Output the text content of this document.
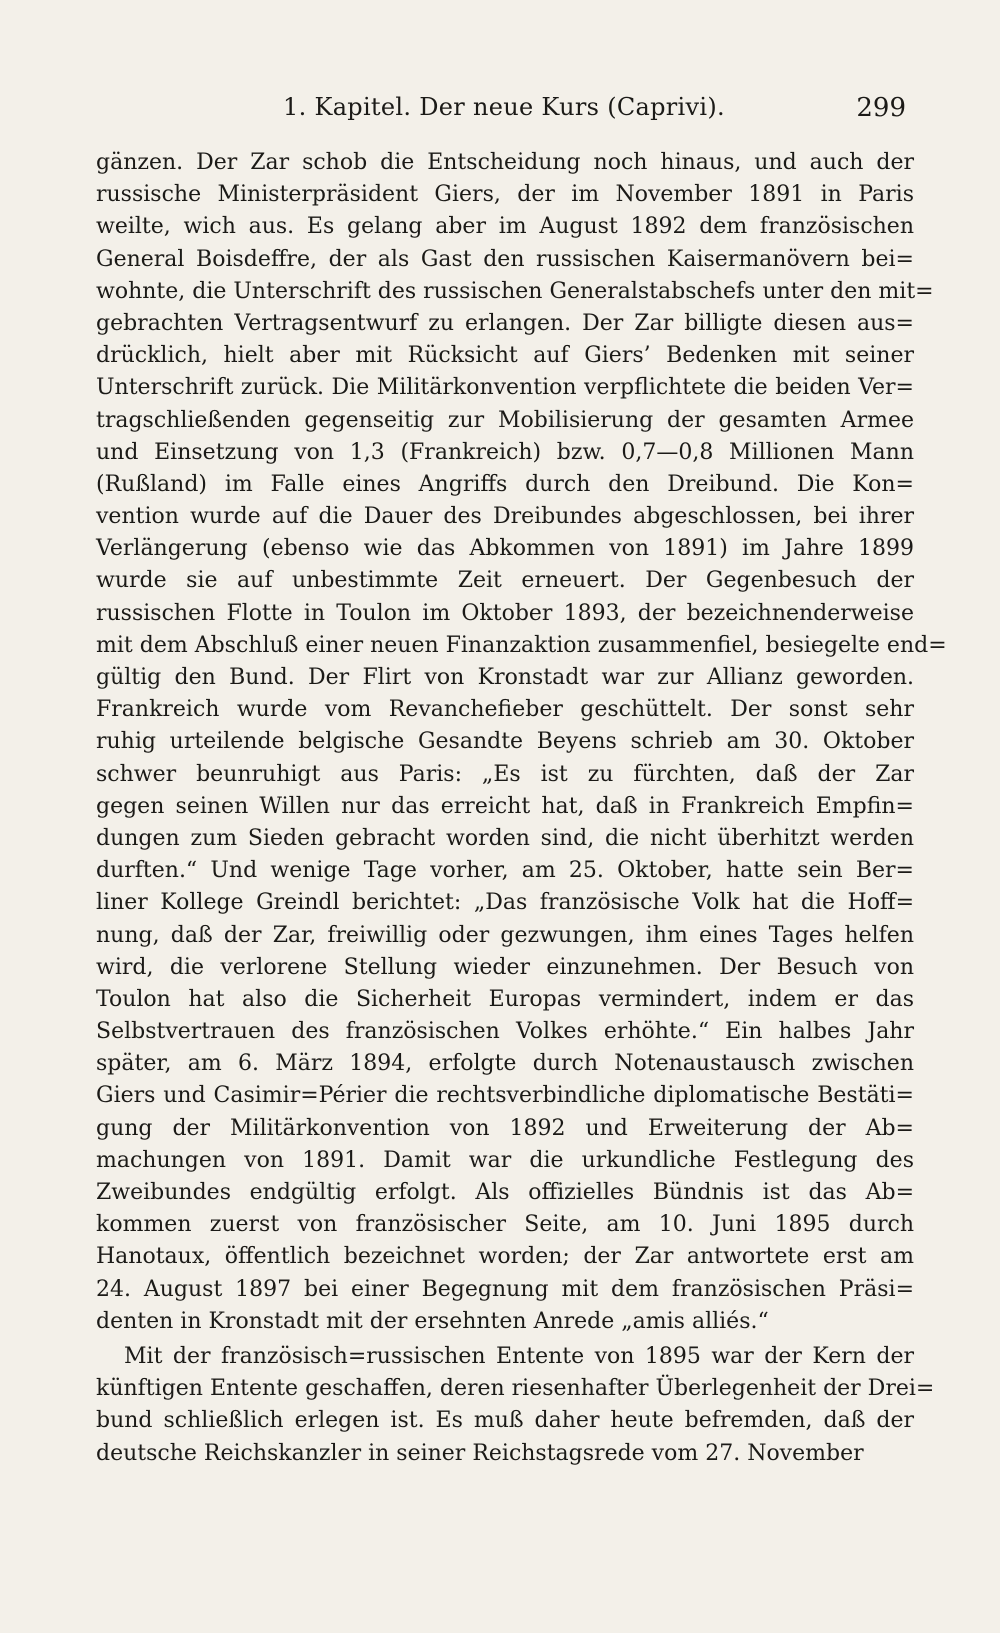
1. Kapitel. Der neue Kurs (Caprivi).	299
gänzen. Der Zar schob die Entscheidung noch hinaus, und auch der
russische Ministerpräsident Giers, der im November 1891 in Paris
weilte, wich aus. Es gelang aber im August 1892 dem französischen
General Boisdeffre, der als Gast den russischen Kaisermanövern bei=
wohnte, die Unterschrift des russischen Generalstabschefs unter den mit=
gebrachten Vertragsentwurf zu erlangen. Der Zar billigte diesen aus=
drücklich, hielt aber mit Rücksicht auf Giers’ Bedenken mit seiner
Unterschrift zurück. Die Militärkonvention verpflichtete die beiden Ver=
tragschließenden gegenseitig zur Mobilisierung der gesamten Armee
und Einsetzung von 1,3 (Frankreich) bzw. 0,7—0,8 Millionen Mann
(Rußland) im Falle eines Angriffs durch den Dreibund. Die Kon=
vention wurde auf die Dauer des Dreibundes abgeschlossen, bei ihrer
Verlängerung (ebenso wie das Abkommen von 1891) im Jahre 1899
wurde sie auf unbestimmte Zeit erneuert. Der Gegenbesuch der
russischen Flotte in Toulon im Oktober 1893, der bezeichnenderweise
mit dem Abschluß einer neuen Finanzaktion zusammenfiel, besiegelte end=
gültig den Bund. Der Flirt von Kronstadt war zur Allianz geworden.
Frankreich wurde vom Revanchefieber geschüttelt. Der sonst sehr
ruhig urteilende belgische Gesandte Beyens schrieb am 30. Oktober
schwer beunruhigt aus Paris: „Es ist zu fürchten, daß der Zar
gegen seinen Willen nur das erreicht hat, daß in Frankreich Empfin=
dungen zum Sieden gebracht worden sind, die nicht überhitzt werden
durften.“ Und wenige Tage vorher, am 25. Oktober, hatte sein Ber=
liner Kollege Greindl berichtet: „Das französische Volk hat die Hoff=
nung, daß der Zar, freiwillig oder gezwungen, ihm eines Tages helfen
wird, die verlorene Stellung wieder einzunehmen. Der Besuch von
Toulon hat also die Sicherheit Europas vermindert, indem er das
Selbstvertrauen des französischen Volkes erhöhte.“ Ein halbes Jahr
später, am 6. März 1894, erfolgte durch Notenaustausch zwischen
Giers und Casimir=Périer die rechtsverbindliche diplomatische Bestäti=
gung der Militärkonvention von 1892 und Erweiterung der Ab=
machungen von 1891. Damit war die urkundliche Festlegung des
Zweibundes endgültig erfolgt. Als offizielles Bündnis ist das Ab=
kommen zuerst von französischer Seite, am 10. Juni 1895 durch
Hanotaux, öffentlich bezeichnet worden; der Zar antwortete erst am
24. August 1897 bei einer Begegnung mit dem französischen Präsi=
denten in Kronstadt mit der ersehnten Anrede „amis alliés.“
Mit der französisch=russischen Entente von 1895 war der Kern der
künftigen Entente geschaffen, deren riesenhafter Überlegenheit der Drei=
bund schließlich erlegen ist. Es muß daher heute befremden, daß der
deutsche Reichskanzler in seiner Reichstagsrede vom 27. November
